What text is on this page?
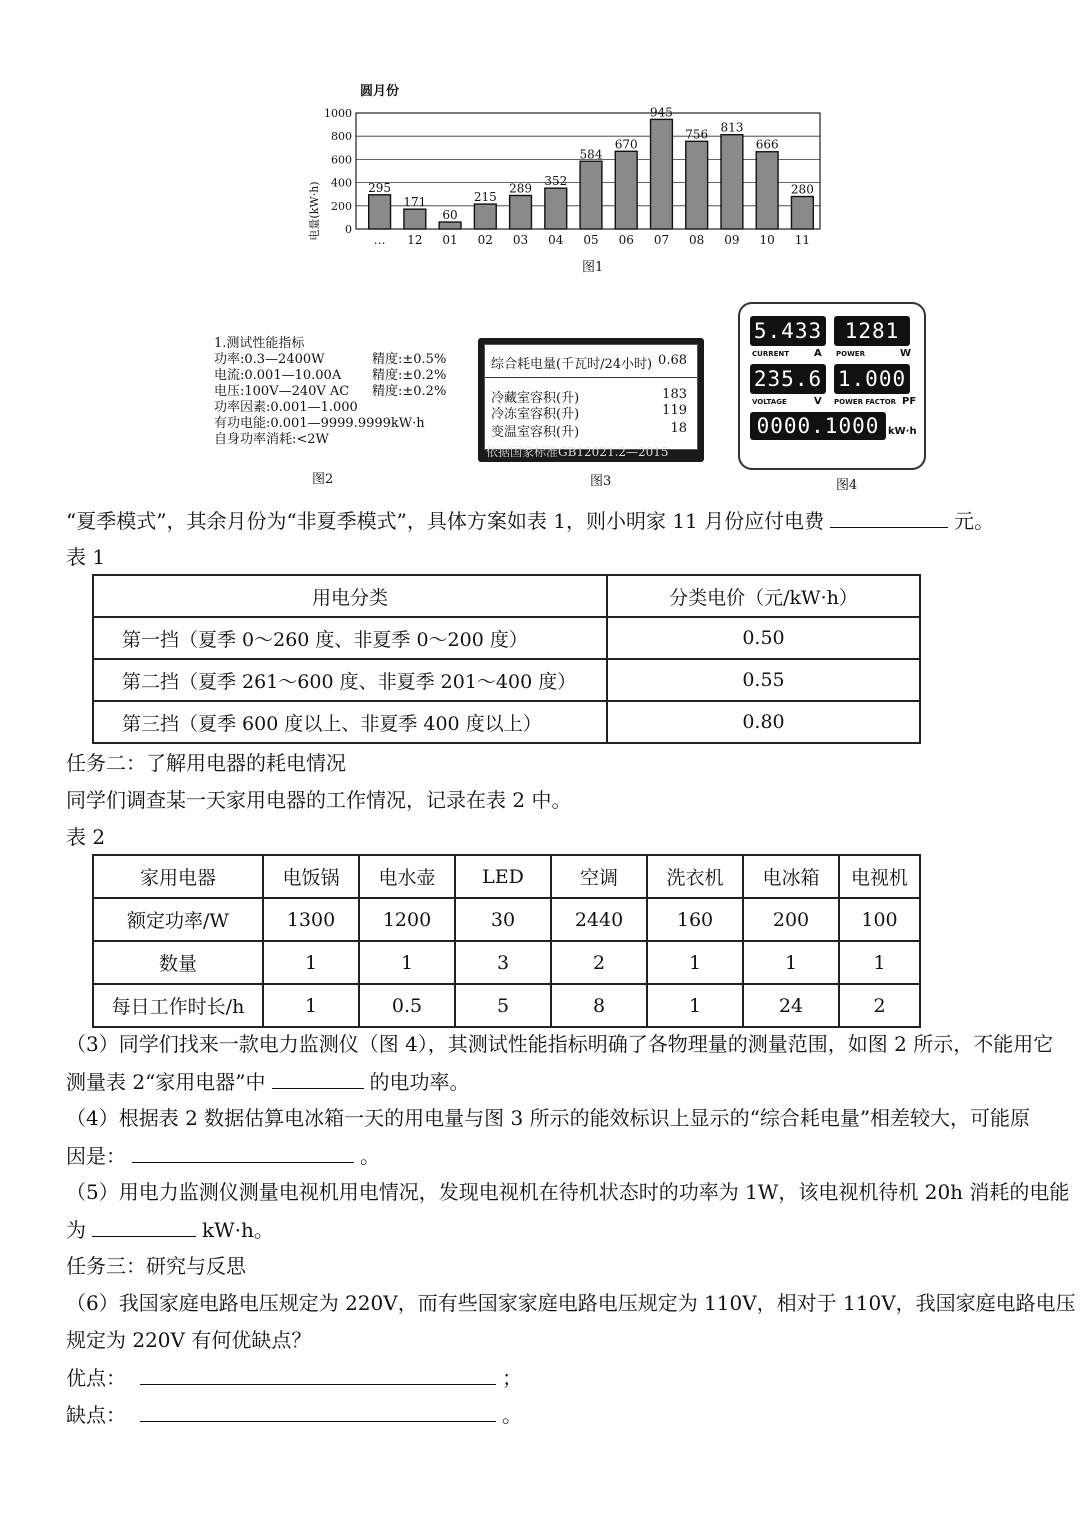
圆月份
电量(kW·h) 0
200
400
600
800
1000
295
171
60
215
289
352
584
670
945
756 813
666
280
… 12 01 02 03 04 05 06 07 08 09 10 11
图1
1.测试性能指标
功率:0.3—2400W	精度:±0.5%
电流:0.001—10.00A 精度:±0.2%
电压:100V—240V AC 精度:±0.2%
功率因素:0.001—1.000
有功电能:0.001—9999.9999kW·h
自身功率消耗:<2W
图2
综合耗电量(千瓦时/24小时) 0.68
冷藏室容积(升)	183
冷冻室容积(升)	119
变温室容积(升)	18
依据国家标准GB12021.2—2015
图3
5.433
CURRENT A
1281
POWER	W
235.6
VOLTAGE	V
1.000
POWER FACTOR PF
0000.1000 kW·h
图4
“夏季模式”，其余月份为“非夏季模式”，具体方案如表 1，则小明家 11 月份应付电费	元。
表 1
用电分类	分类电价（元/kW·h）
第一挡（夏季 0～260 度、非夏季 0～200 度）	0.50
第二挡（夏季 261～600 度、非夏季 201～400 度）	0.55
第三挡（夏季 600 度以上、非夏季 400 度以上）	0.80
任务二：了解用电器的耗电情况
同学们调查某一天家用电器的工作情况，记录在表 2 中。
表 2
家用电器	电饭锅	电水壶	LED	空调	洗衣机	电冰箱	电视机
额定功率/W	1300	1200	30	2440	160	200	100
数量	1	1	3	2	1	1	1
每日工作时长/h	1	0.5	5	8	1	24	2
（3）同学们找来一款电力监测仪（图 4），其测试性能指标明确了各物理量的测量范围，如图 2 所示，不能用它
测量表 2“家用电器”中	的电功率。
（4）根据表 2 数据估算电冰箱一天的用电量与图 3 所示的能效标识上显示的“综合耗电量”相差较大，可能原
因是：	。
（5）用电力监测仪测量电视机用电情况，发现电视机在待机状态时的功率为 1W，该电视机待机 20h 消耗的电能
为	kW·h。
任务三：研究与反思
（6）我国家庭电路电压规定为 220V，而有些国家家庭电路电压规定为 110V，相对于 110V，我国家庭电路电压
规定为 220V 有何优缺点？
优点：	；
缺点：	。
